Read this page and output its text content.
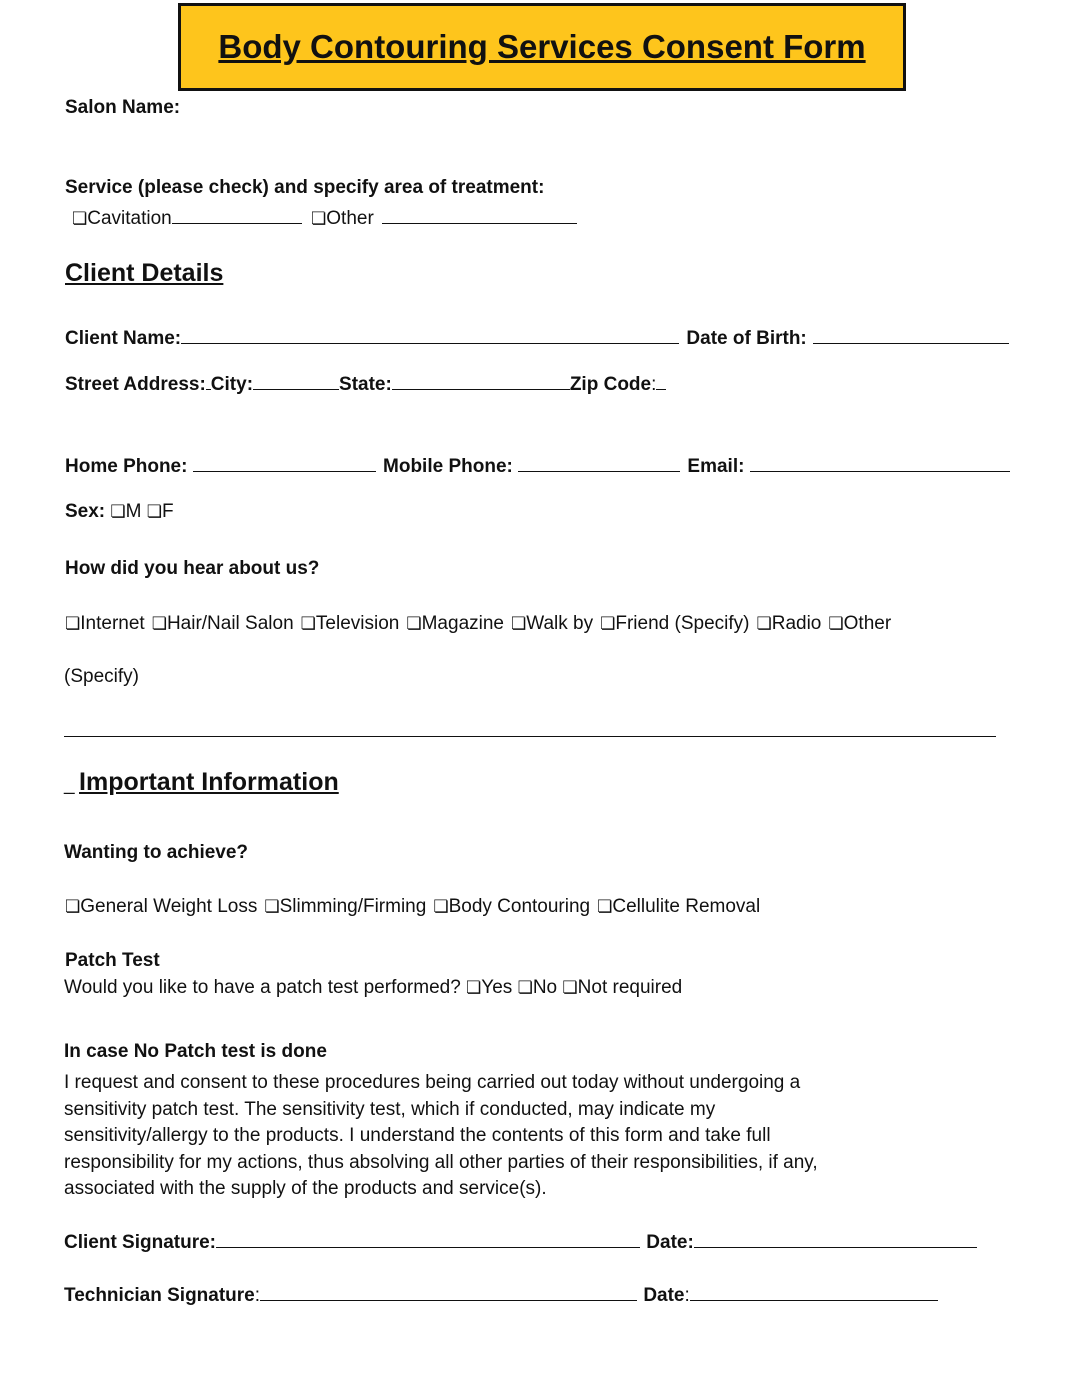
Body Contouring Services Consent Form
Salon Name:
Service (please check) and specify area of treatment:
❏Cavitation	❏Other
Client Details
Client Name:	Date of Birth:
Street Address: City:	State:	Zip Code:
Home Phone:	Mobile Phone:	Email:
Sex: ❏M ❏F
How did you hear about us?
❏Internet ❏Hair/Nail Salon ❏Television ❏Magazine ❏Walk by ❏Friend (Specify) ❏Radio ❏Other
(Specify)
_ Important Information
Wanting to achieve?
❏General Weight Loss ❏Slimming/Firming ❏Body Contouring ❏Cellulite Removal
Patch Test
Would you like to have a patch test performed? ❏Yes ❏No ❏Not required
In case No Patch test is done
I request and consent to these procedures being carried out today without undergoing a
sensitivity patch test. The sensitivity test, which if conducted, may indicate my
sensitivity/allergy to the products. I understand the contents of this form and take full
responsibility for my actions, thus absolving all other parties of their responsibilities, if any,
associated with the supply of the products and service(s).
Client Signature:	Date:
Technician Signature:	Date:
